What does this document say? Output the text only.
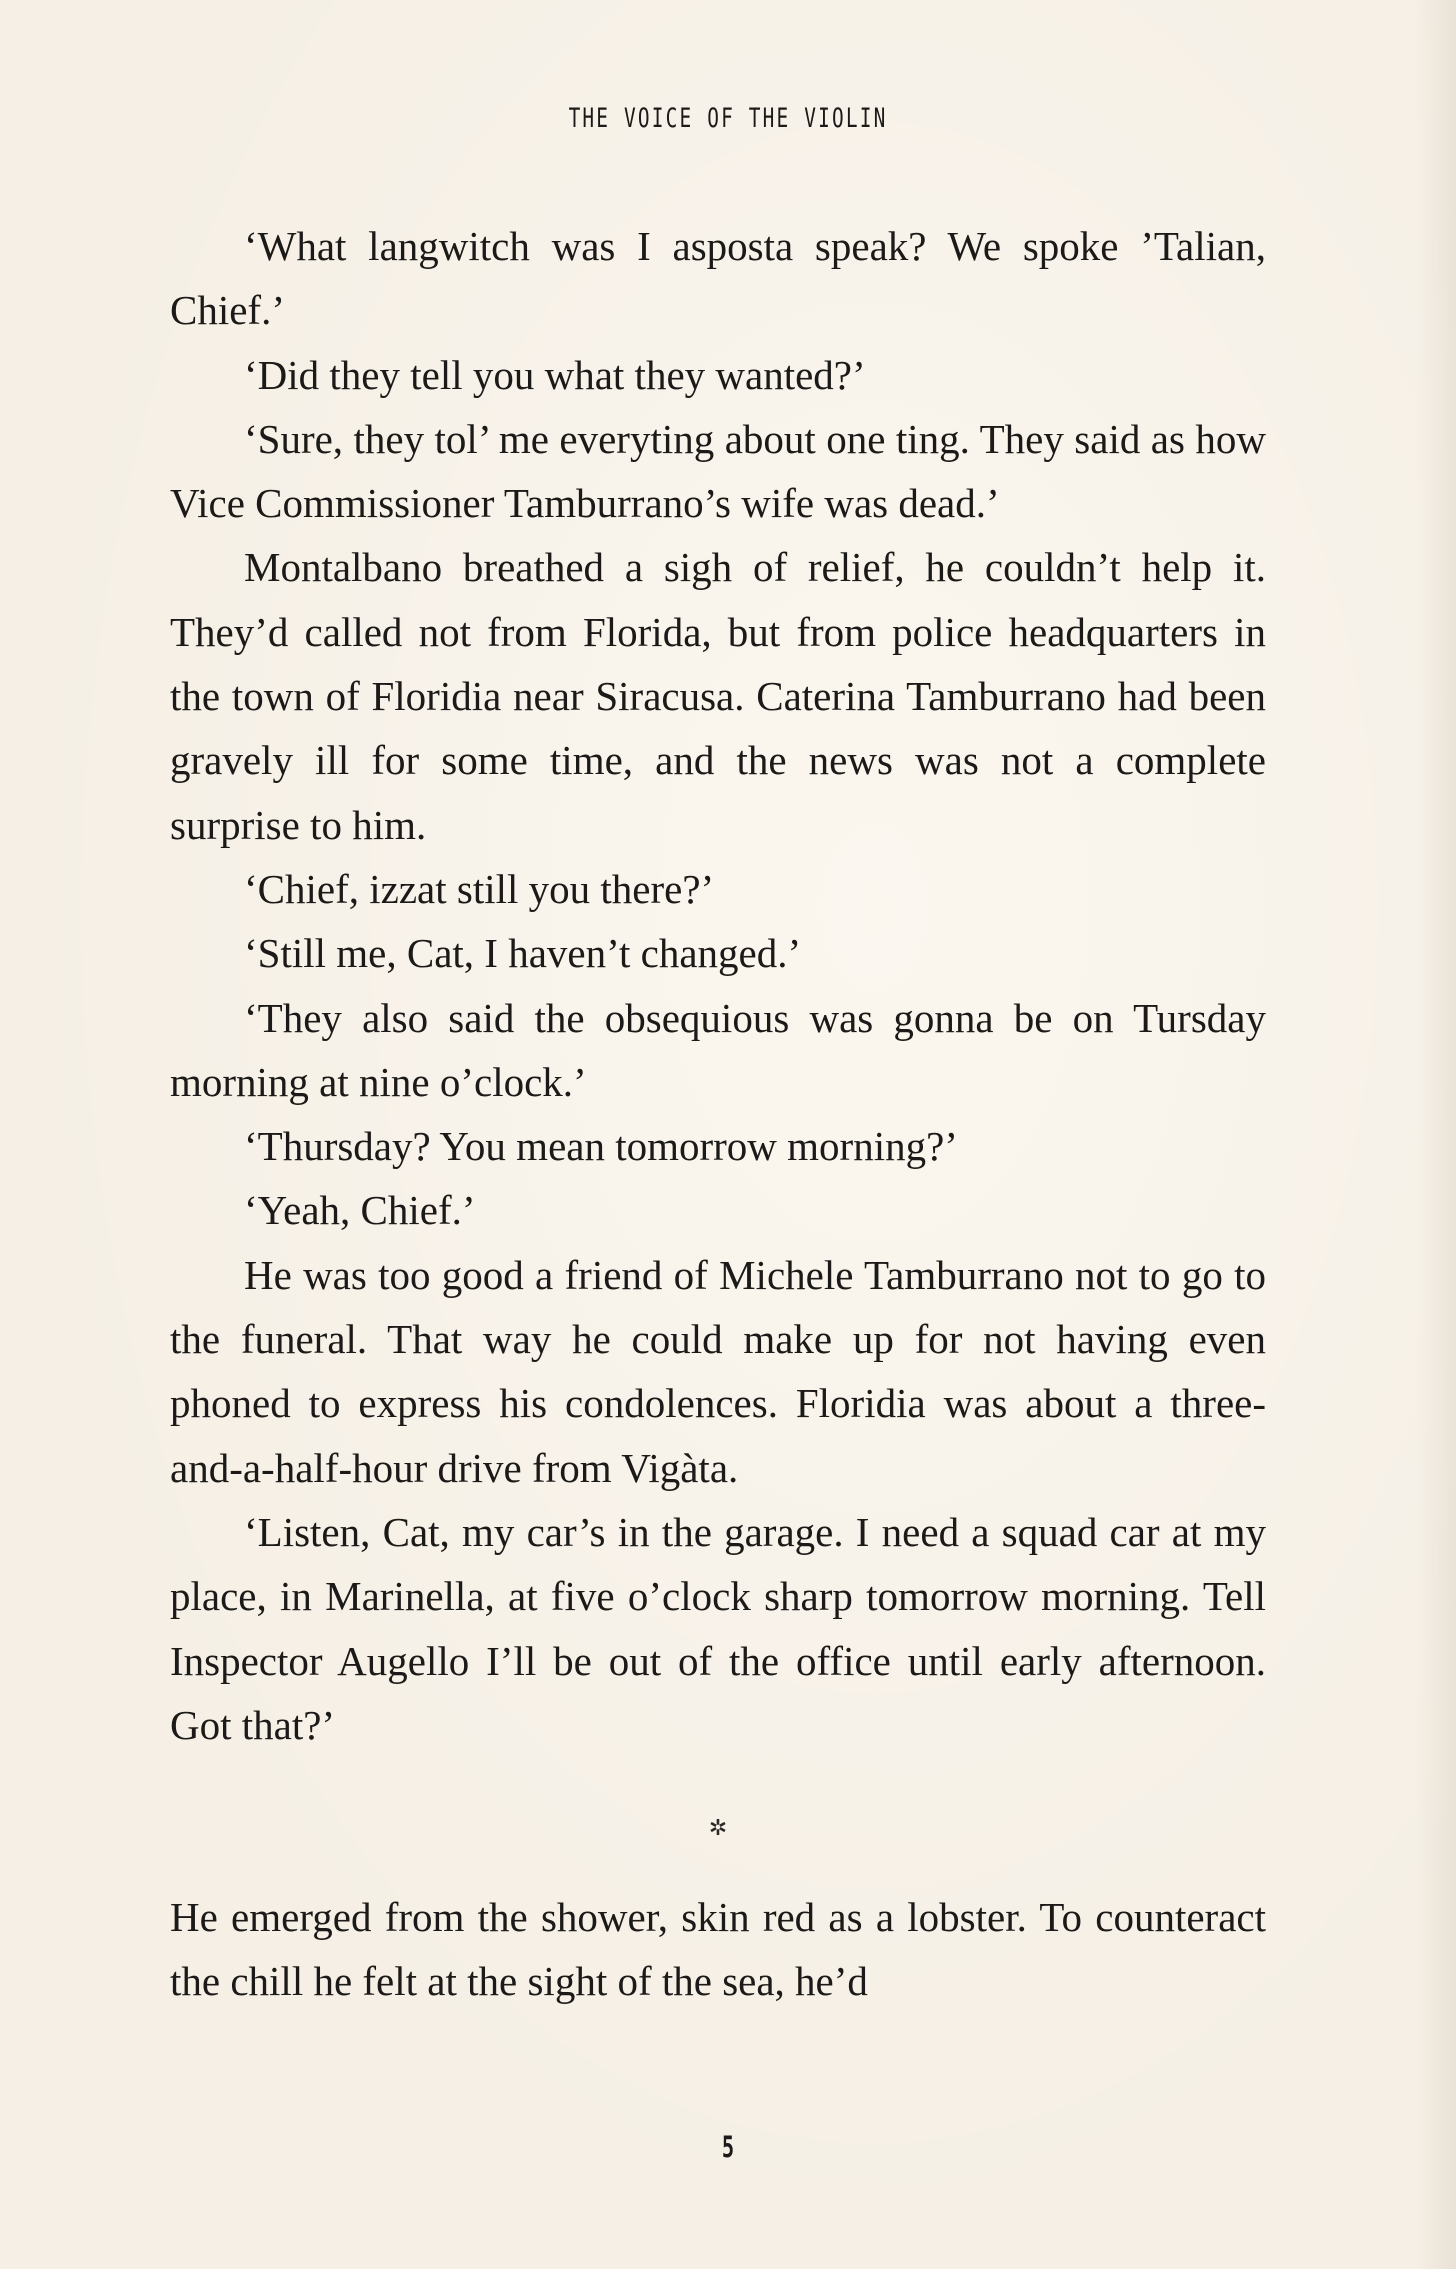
THE VOICE OF THE VIOLIN

‘What langwitch was I asposta speak? We spoke ’Talian, Chief.’

‘Did they tell you what they wanted?’

‘Sure, they tol’ me everyting about one ting. They said as how Vice Commissioner Tamburrano’s wife was dead.’

Montalbano breathed a sigh of relief, he couldn’t help it. They’d called not from Florida, but from police headquarters in the town of Floridia near Siracusa. Caterina Tamburrano had been gravely ill for some time, and the news was not a complete surprise to him.

‘Chief, izzat still you there?’

‘Still me, Cat, I haven’t changed.’

‘They also said the obsequious was gonna be on Tursday morning at nine o’clock.’

‘Thursday? You mean tomorrow morning?’

‘Yeah, Chief.’

He was too good a friend of Michele Tamburrano not to go to the funeral. That way he could make up for not having even phoned to express his condolences. Floridia was about a three-and-a-half-hour drive from Vigàta.

‘Listen, Cat, my car’s in the garage. I need a squad car at my place, in Marinella, at five o’clock sharp tomorrow morning. Tell Inspector Augello I’ll be out of the office until early afternoon. Got that?’

✲

He emerged from the shower, skin red as a lobster. To counteract the chill he felt at the sight of the sea, he’d

5
